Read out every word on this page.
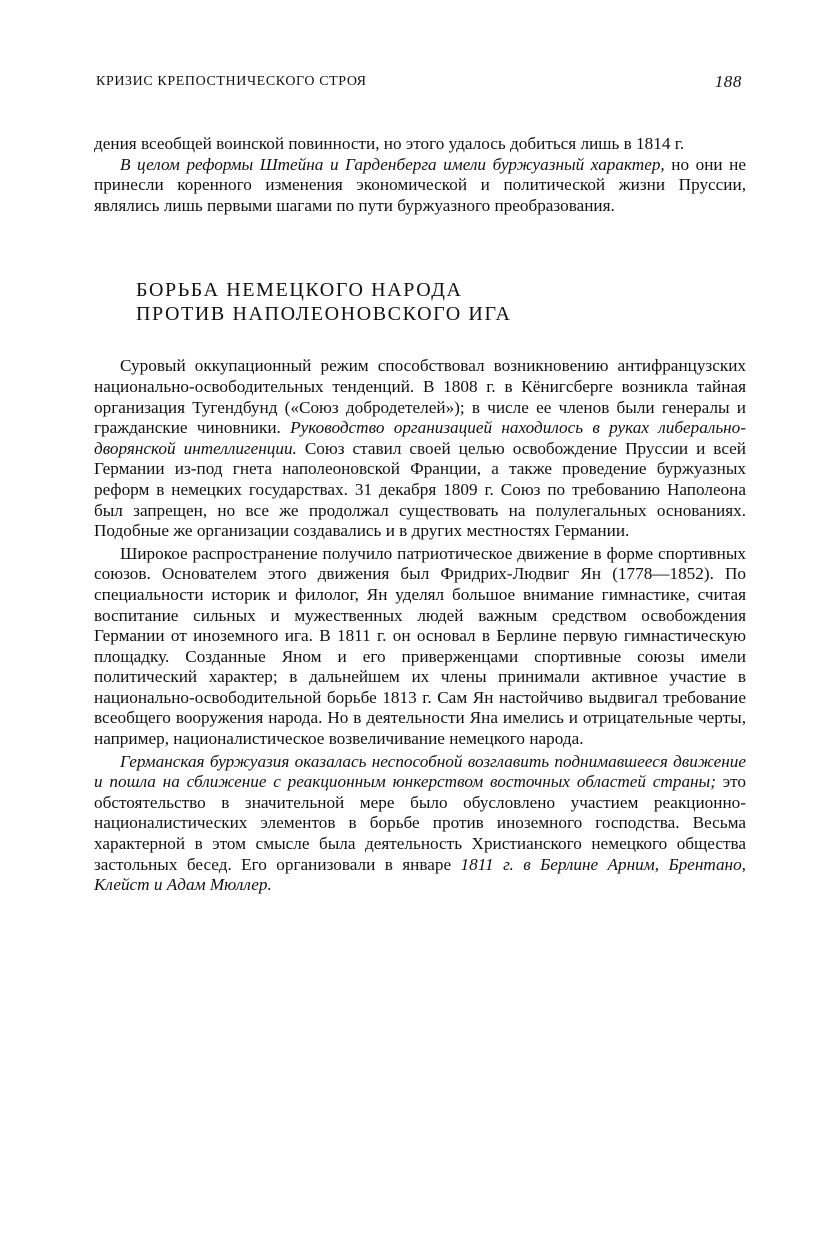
КРИЗИС КРЕПОСТНИЧЕСКОГО СТРОЯ	188

дения всеобщей воинской повинности, но этого удалось добиться лишь в 1814 г.

В целом реформы Штейна и Гарденберга имели буржуазный характер, но они не принесли коренного изменения экономической и политической жизни Пруссии, являлись лишь первыми шагами по пути буржуазного преобразования.

БОРЬБА НЕМЕЦКОГО НАРОДА
ПРОТИВ НАПОЛЕОНОВСКОГО ИГА

Суровый оккупационный режим способствовал возникновению антифранцузских национально-освободительных тенденций. В 1808 г. в Кёнигсберге возникла тайная организация Тугендбунд («Союз добродетелей»); в числе ее членов были генералы и гражданские чиновники. Руководство организацией находилось в руках либерально-дворянской интеллигенции. Союз ставил своей целью освобождение Пруссии и всей Германии из-под гнета наполеоновской Франции, а также проведение буржуазных реформ в немецких государствах. 31 декабря 1809 г. Союз по требованию Наполеона был запрещен, но все же продолжал существовать на полулегальных основаниях. Подобные же организации создавались и в других местностях Германии.

Широкое распространение получило патриотическое движение в форме спортивных союзов. Основателем этого движения был Фридрих-Людвиг Ян (1778—1852). По специальности историк и филолог, Ян уделял большое внимание гимнастике, считая воспитание сильных и мужественных людей важным средством освобождения Германии от иноземного ига. В 1811 г. он основал в Берлине первую гимнастическую площадку. Созданные Яном и его приверженцами спортивные союзы имели политический характер; в дальнейшем их члены принимали активное участие в национально-освободительной борьбе 1813 г. Сам Ян настойчиво выдвигал требование всеобщего вооружения народа. Но в деятельности Яна имелись и отрицательные черты, например, националистическое возвеличивание немецкого народа.

Германская буржуазия оказалась неспособной возглавить поднимавшееся движение и пошла на сближение с реакционным юнкерством восточных областей страны; это обстоятельство в значительной мере было обусловлено участием реакционно-националистических элементов в борьбе против иноземного господства. Весьма характерной в этом смысле была деятельность Христианского немецкого общества застольных бесед. Его организовали в январе 1811 г. в Берлине Арним, Брентано, Клейст и Адам Мюллер.
